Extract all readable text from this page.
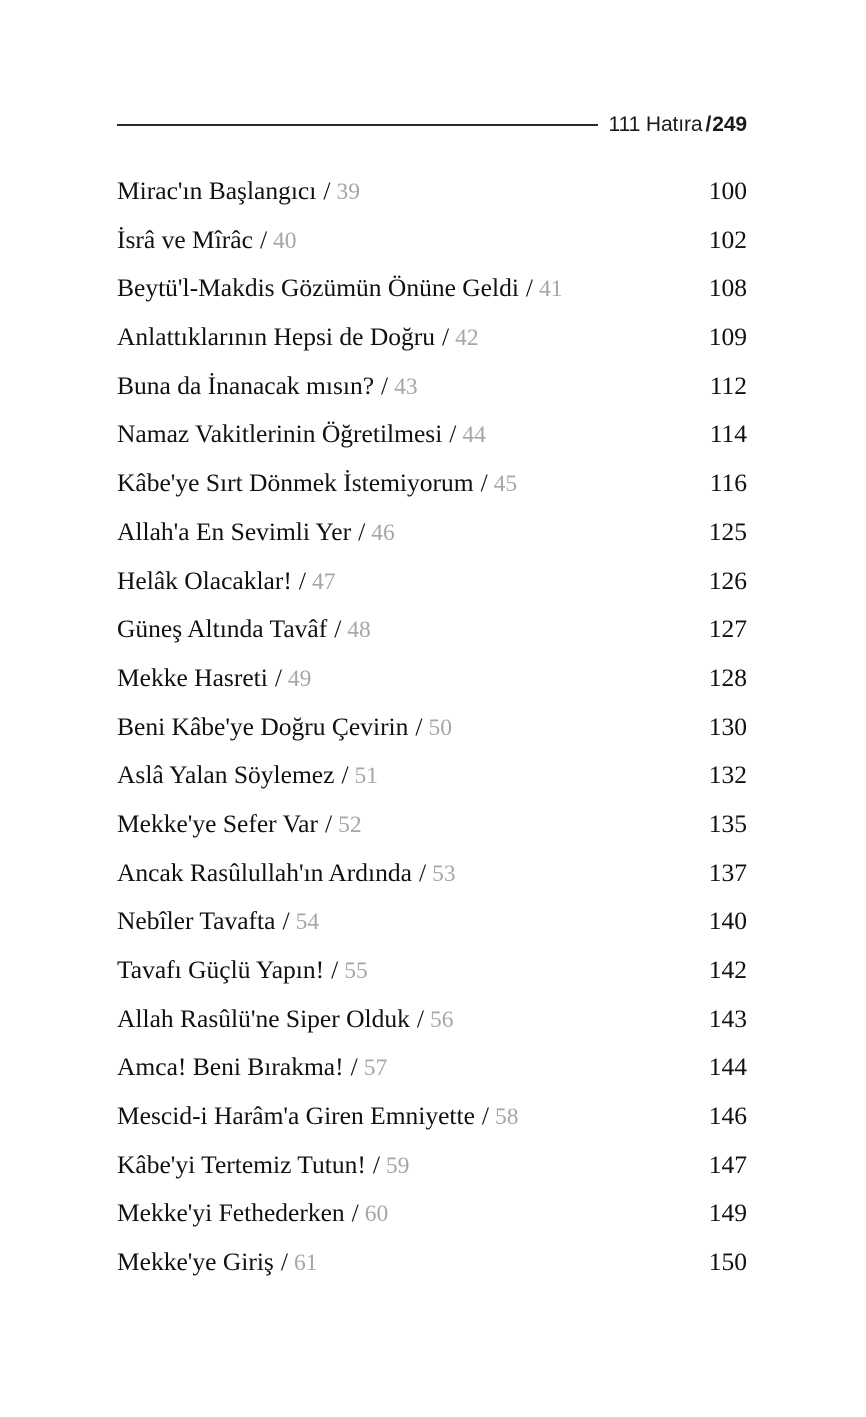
111 Hatıra /249
Mirac'ın Başlangıcı / 39 .....	100
İsrâ ve Mîrâc / 40 .....	102
Beytü'l-Makdis Gözümün Önüne Geldi / 41 .....	108
Anlattıklarının Hepsi de Doğru / 42 .....	109
Buna da İnanacak mısın? / 43 .....	112
Namaz Vakitlerinin Öğretilmesi / 44 .....	114
Kâbe'ye Sırt Dönmek İstemiyorum / 45 .....	116
Allah'a En Sevimli Yer / 46 .....	125
Helâk Olacaklar! / 47 .....	126
Güneş Altında Tavâf / 48 .....	127
Mekke Hasreti / 49 .....	128
Beni Kâbe'ye Doğru Çevirin / 50 .....	130
Aslâ Yalan Söylemez / 51 .....	132
Mekke'ye Sefer Var / 52 .....	135
Ancak Rasûlullah'ın Ardında / 53 .....	137
Nebîler Tavafta / 54 .....	140
Tavafı Güçlü Yapın! / 55 .....	142
Allah Rasûlü'ne Siper Olduk / 56 .....	143
Amca! Beni Bırakma! / 57 .....	144
Mescid-i Harâm'a Giren Emniyette / 58 .....	146
Kâbe'yi Tertemiz Tutun! / 59 .....	147
Mekke'yi Fethederken / 60 .....	149
Mekke'ye Giriş / 61 .....	150
